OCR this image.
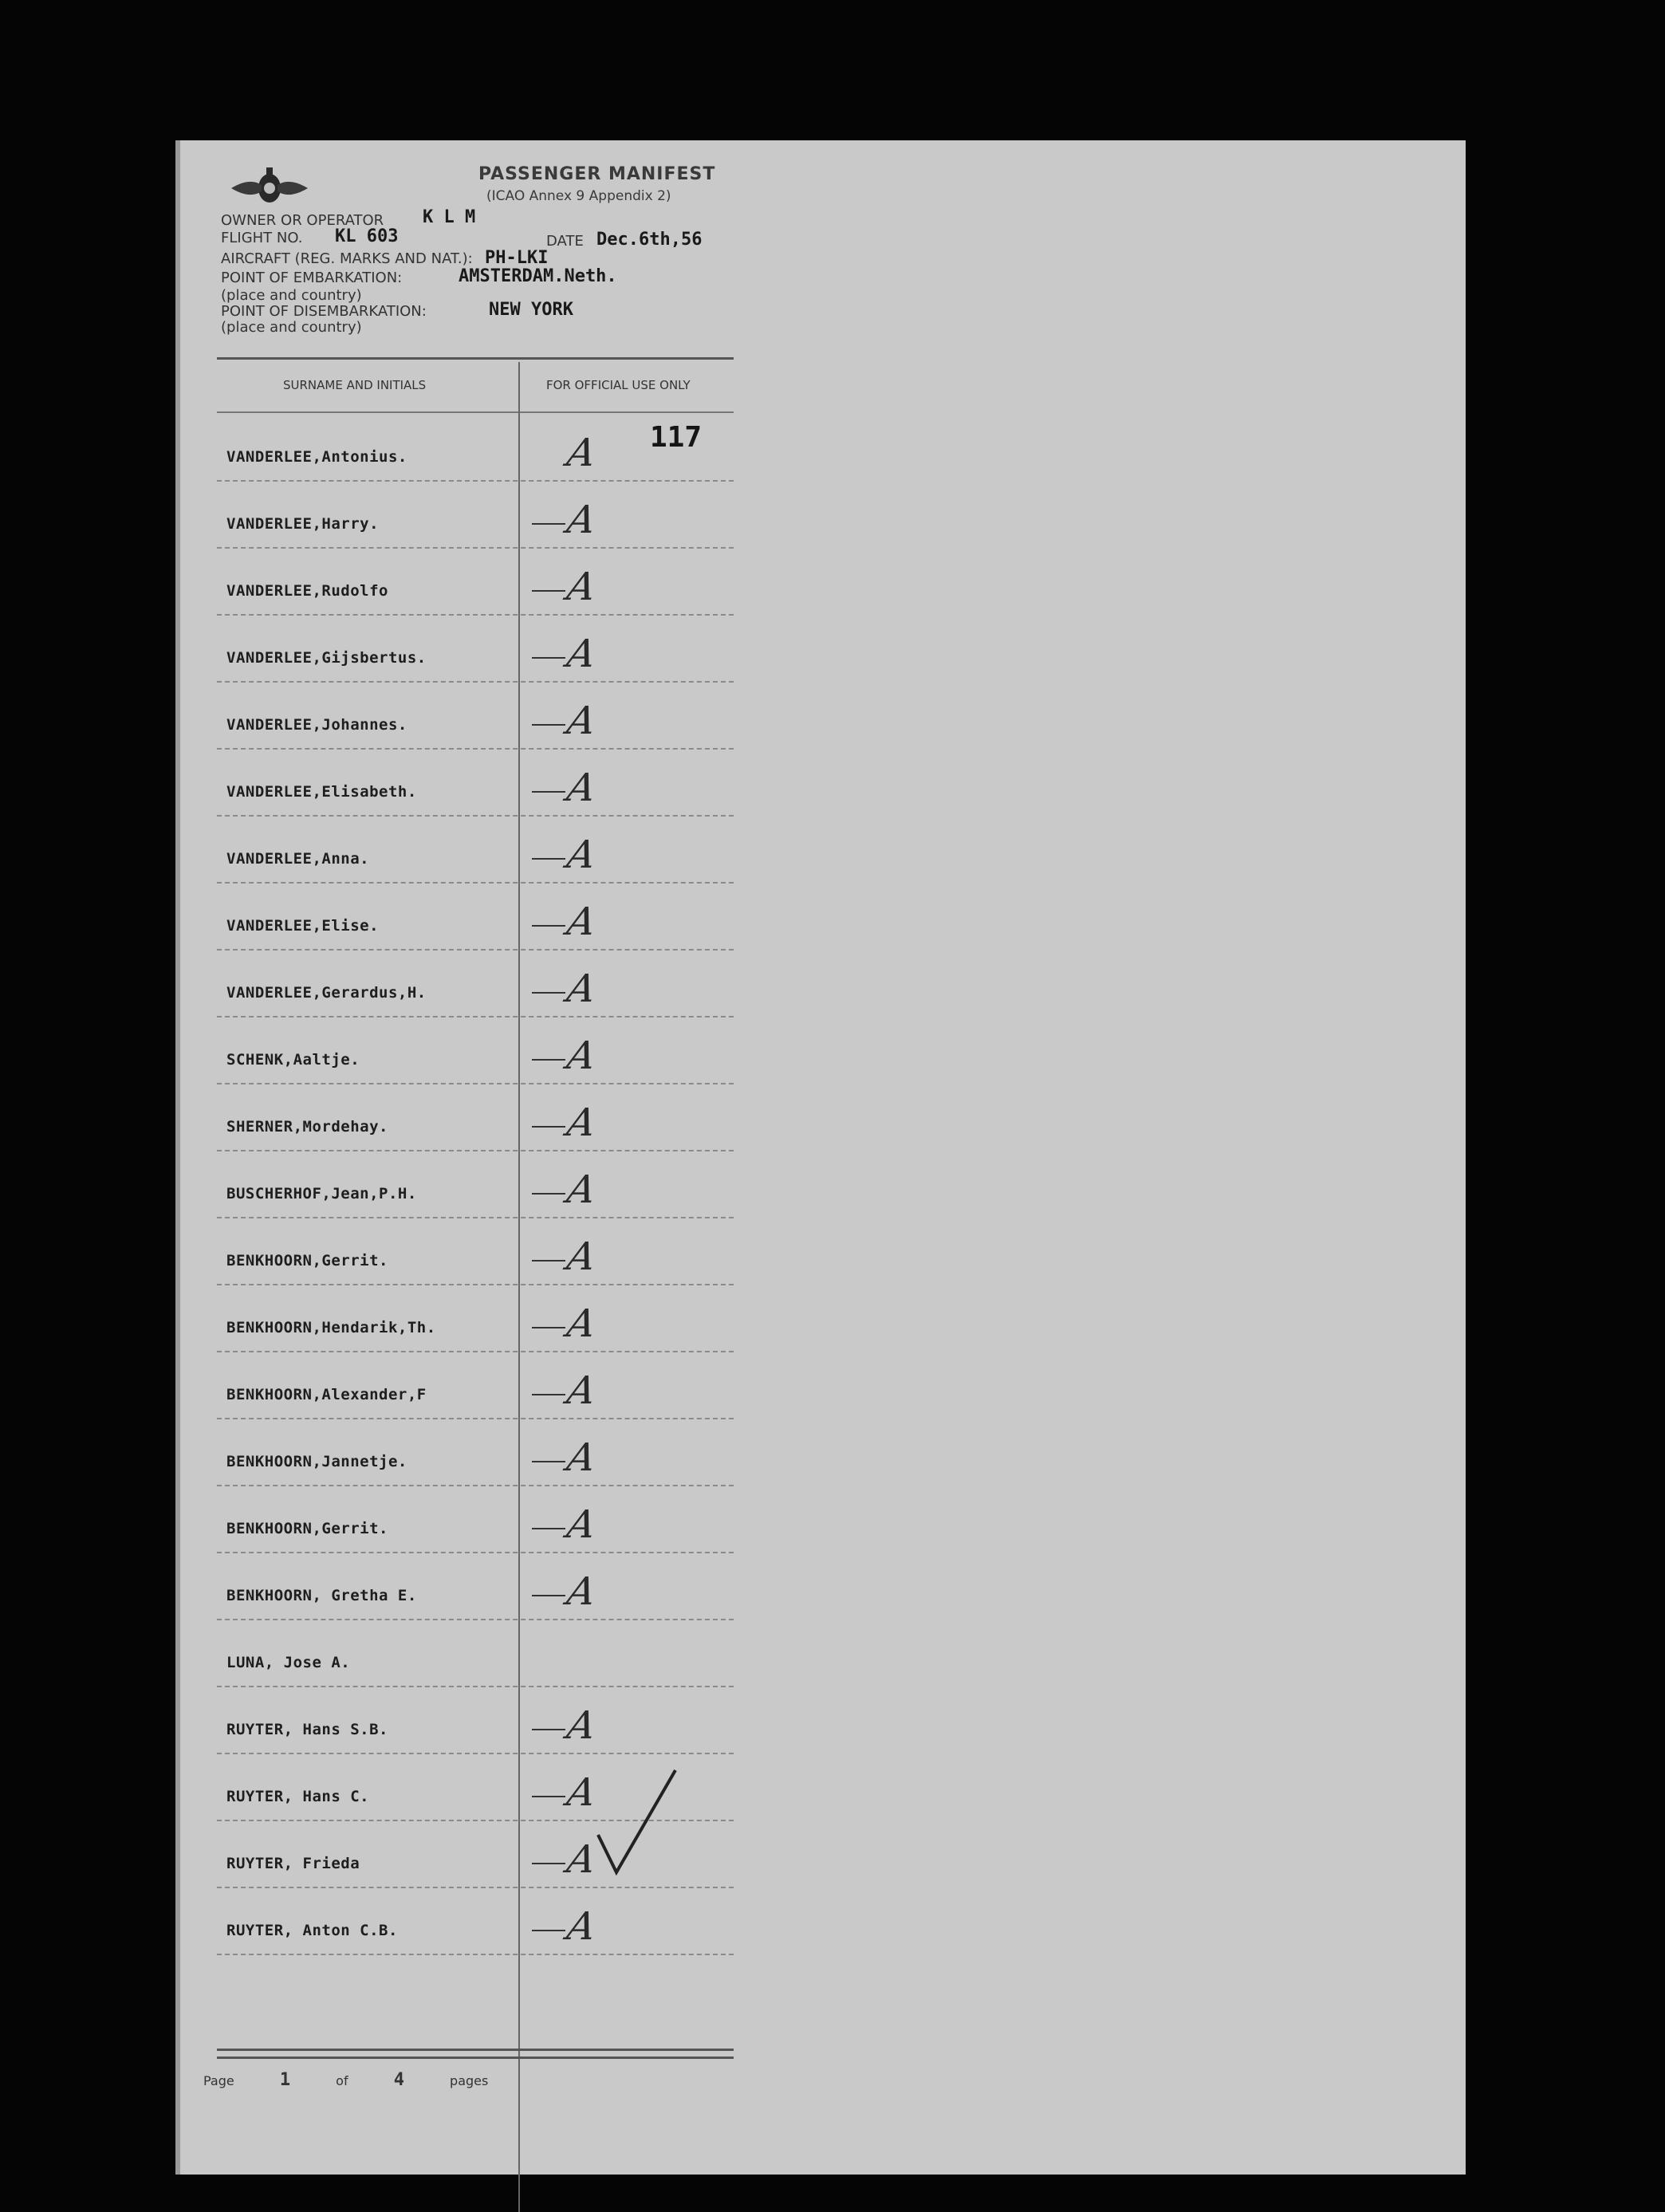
PASSENGER MANIFEST
(ICAO Annex 9 Appendix 2)
OWNER OR OPERATOR K L M
FLIGHT NO. KL 603	DATE Dec.6th,56
AIRCRAFT (REG. MARKS AND NAT.): PH-LKI
POINT OF EMBARKATION:	AMSTERDAM.Neth.
(place and country)
POINT OF DISEMBARKATION:	NEW YORK
(place and country)
SURNAME AND INITIALS	FOR OFFICIAL USE ONLY
117
VANDERLEE,Antonius.	A
VANDERLEE,Harry.	A
VANDERLEE,Rudolfo	A
VANDERLEE,Gijsbertus.	A
VANDERLEE,Johannes.	A
VANDERLEE,Elisabeth.	A
VANDERLEE,Anna.	A
VANDERLEE,Elise.	A
VANDERLEE,Gerardus,H.	A
SCHENK,Aaltje.	A
SHERNER,Mordehay.	A
BUSCHERHOF,Jean,P.H.	A
BENKHOORN,Gerrit.	A
BENKHOORN,Hendarik,Th.	A
BENKHOORN,Alexander,F	A
BENKHOORN,Jannetje.	A
BENKHOORN,Gerrit.	A
BENKHOORN, Gretha E.	A
LUNA, Jose A.
RUYTER, Hans S.B.	A
RUYTER, Hans C.	A
RUYTER, Frieda	A
RUYTER, Anton C.B.	A
Page	1	of	4	pages
